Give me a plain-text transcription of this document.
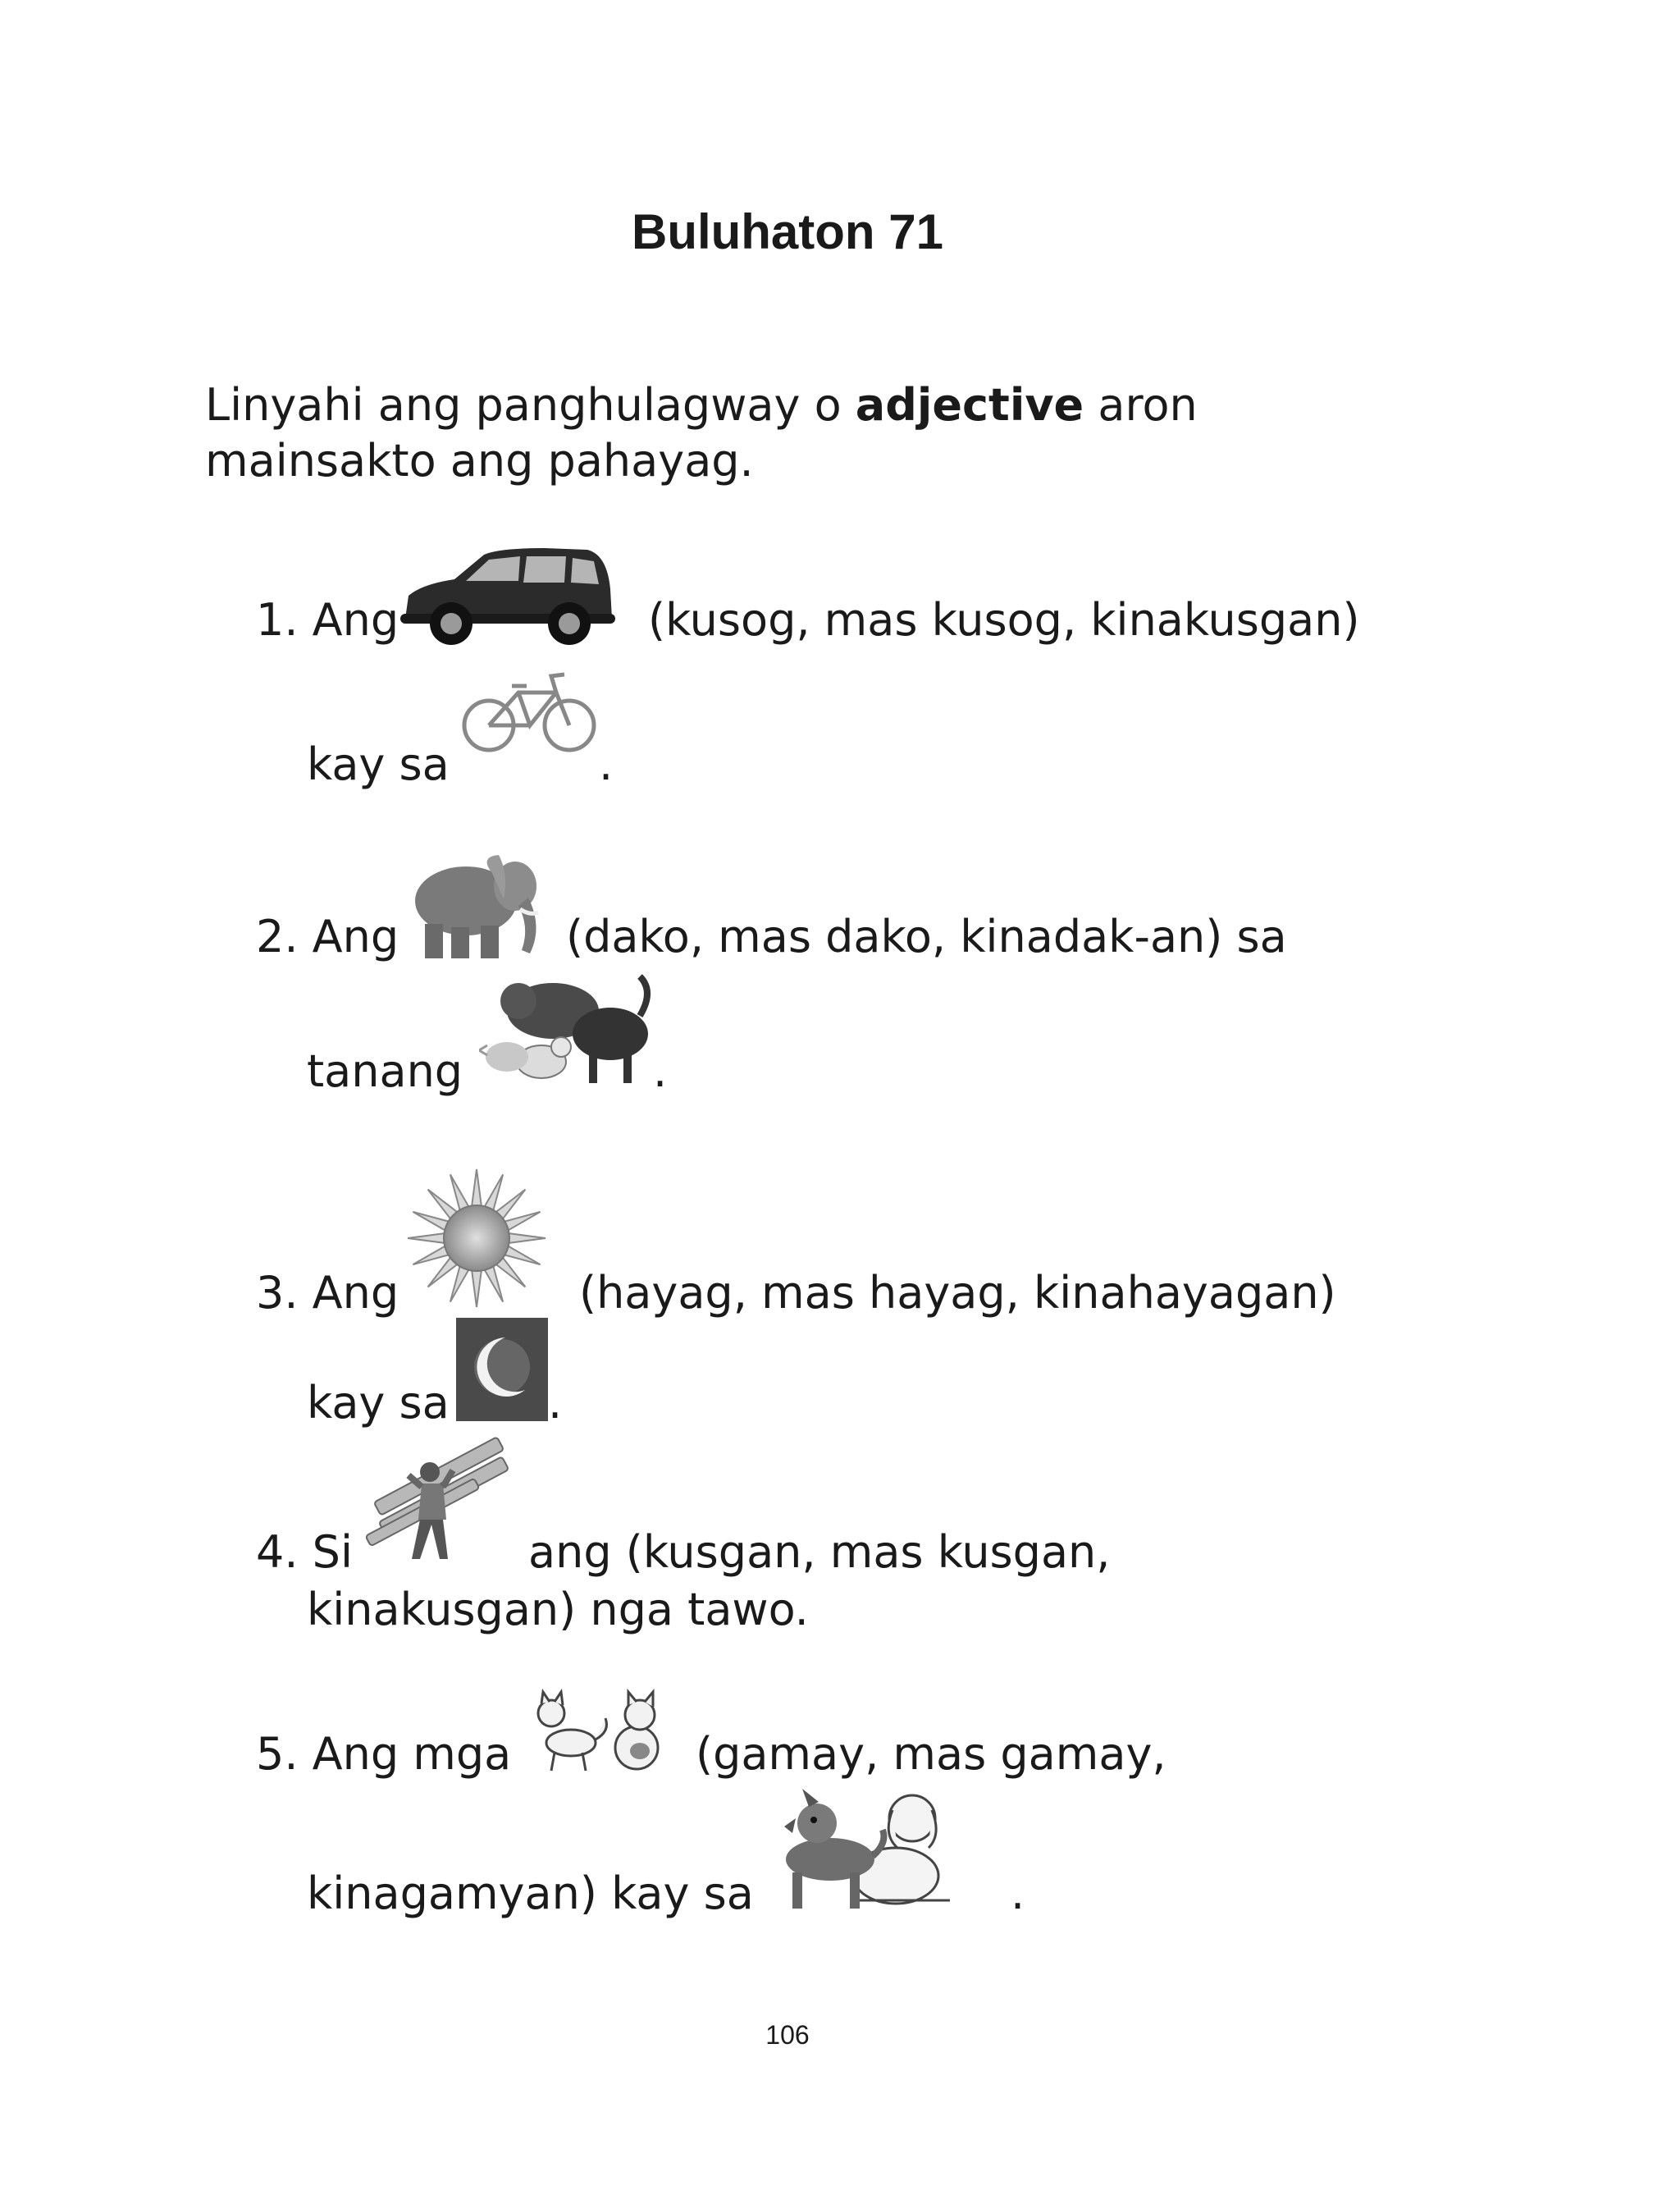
Buluhaton 71
Linyahi ang panghulagway o adjective aron
mainsakto ang pahayag.
1. Ang	(kusog, mas kusog, kinakusgan)
kay sa	.
2. Ang	(dako, mas dako, kinadak-an) sa
tanang	.
3. Ang	(hayag, mas hayag, kinahayagan)
kay sa .
4. Si	ang (kusgan, mas kusgan,
kinakusgan) nga tawo.
5. Ang mga	(gamay, mas gamay,
kinagamyan) kay sa	.
106
